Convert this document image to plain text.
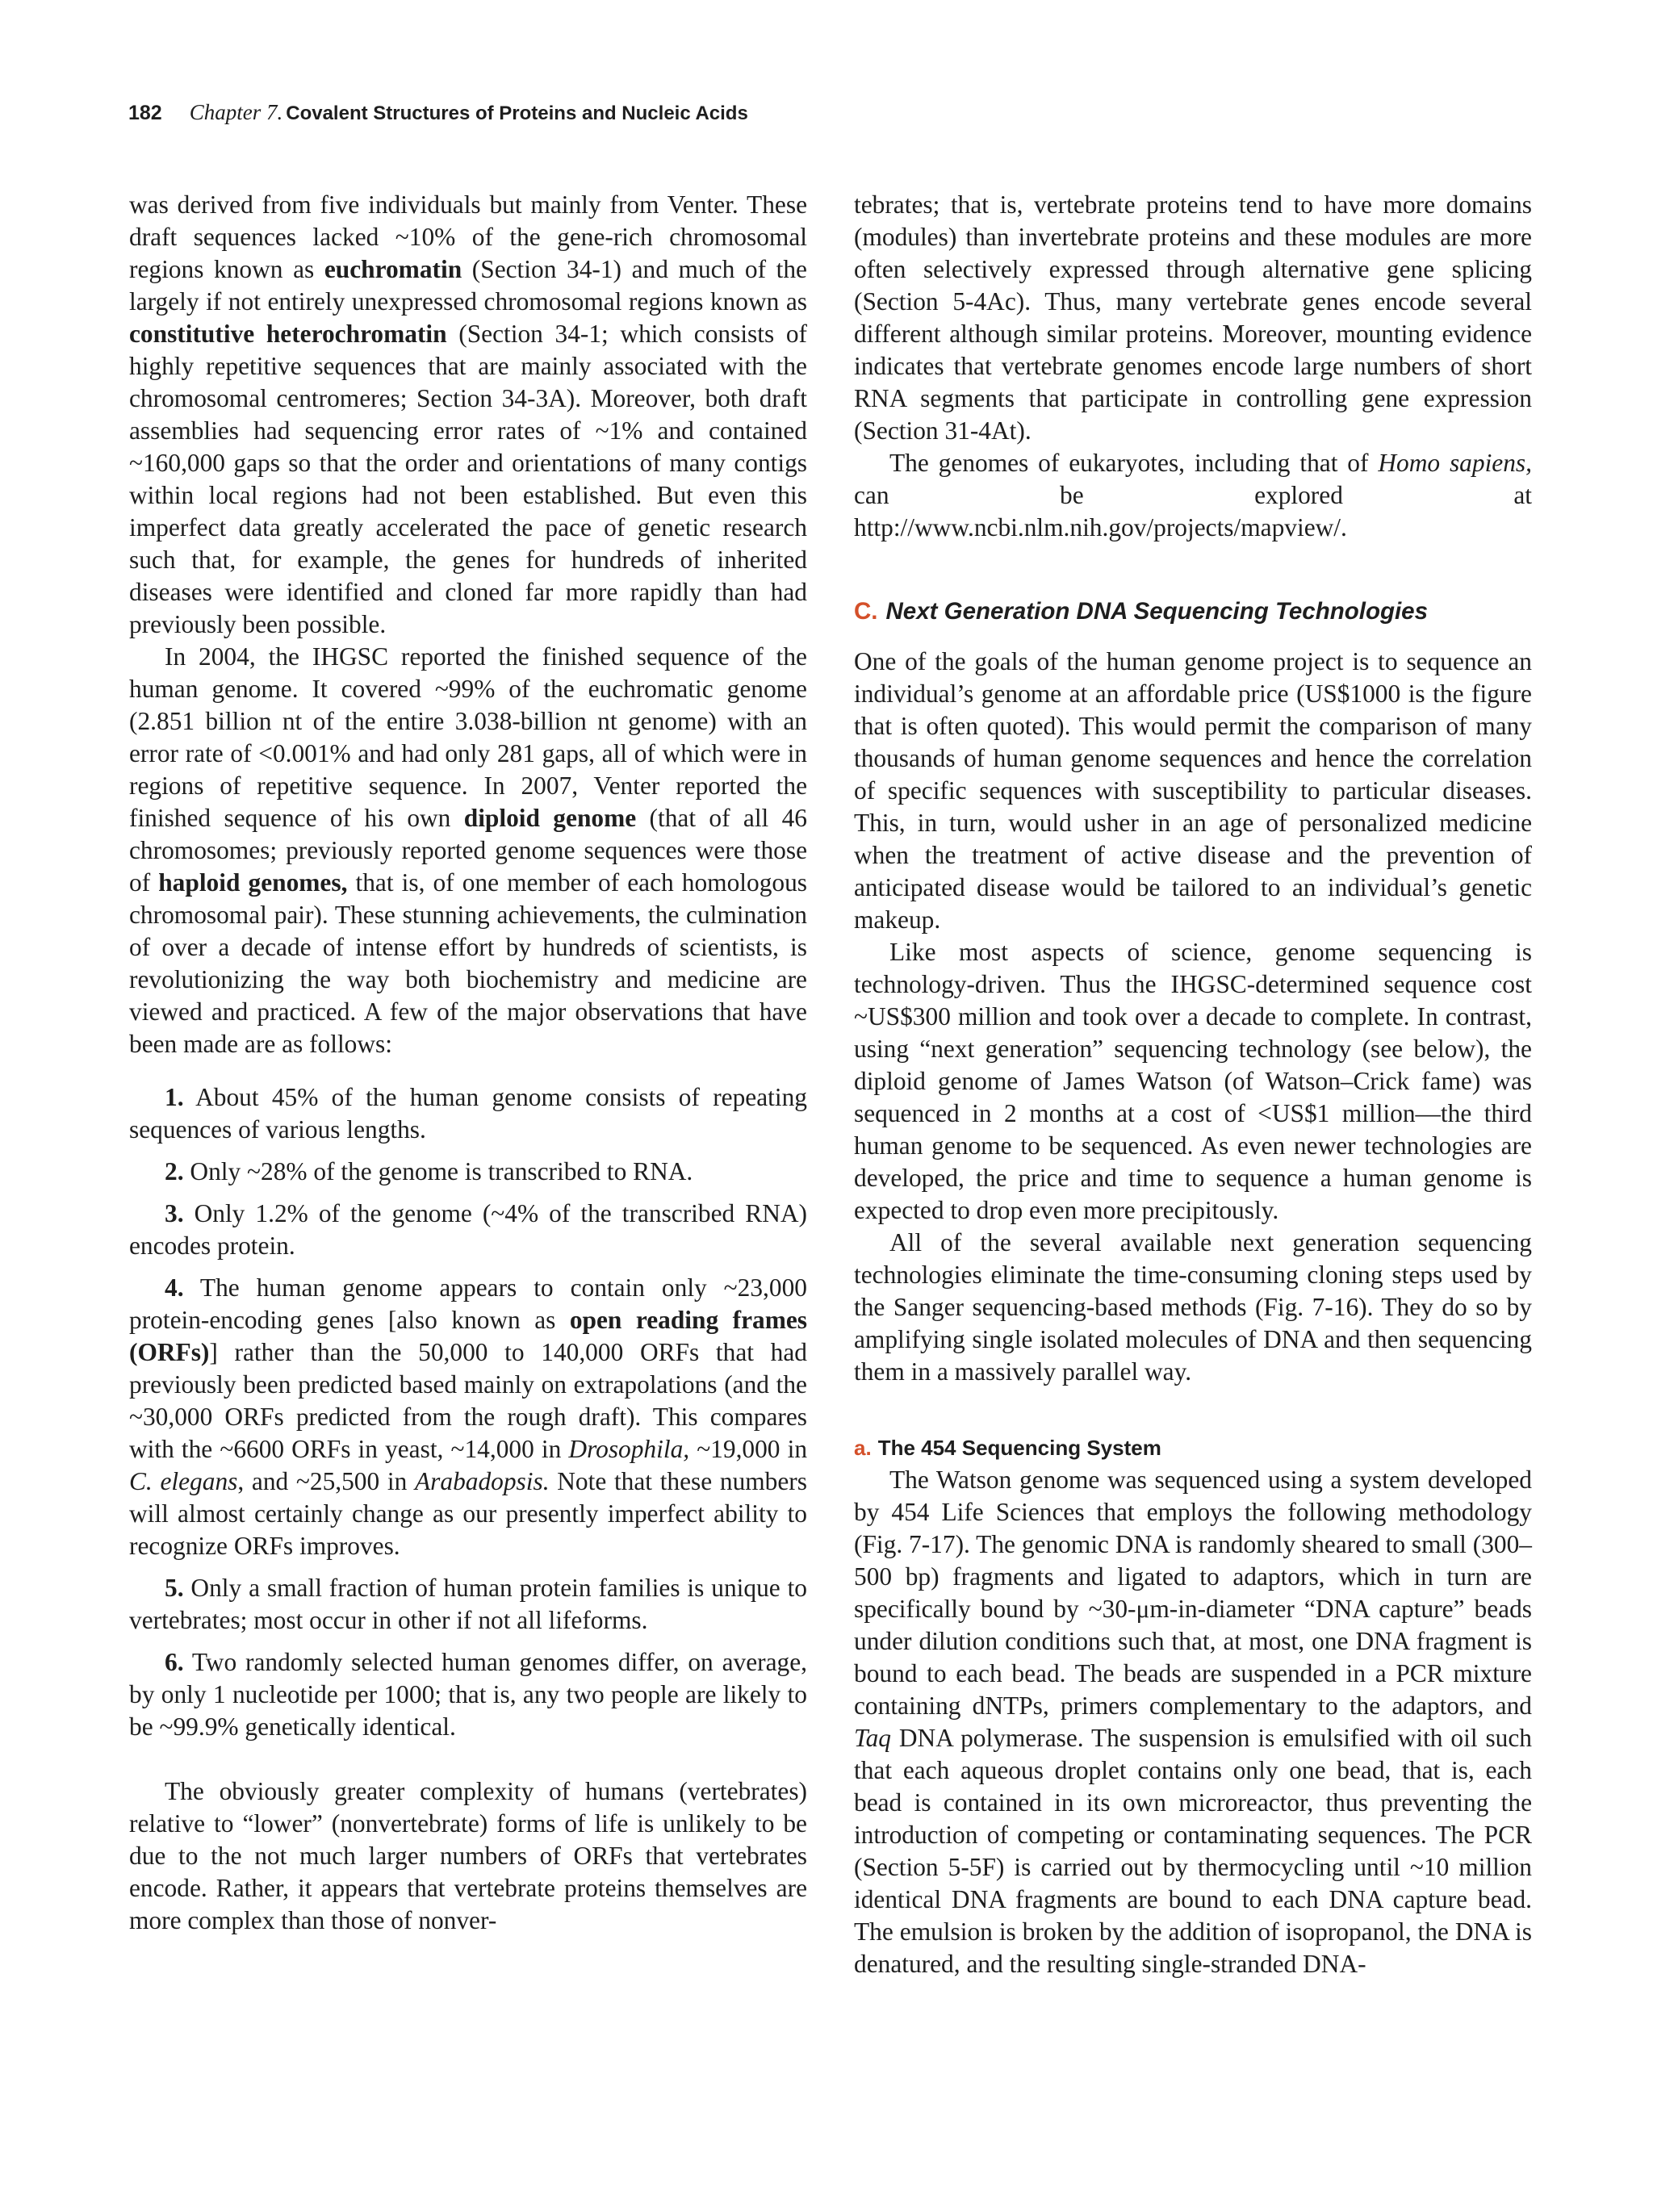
182 Chapter 7. Covalent Structures of Proteins and Nucleic Acids

was derived from five individuals but mainly from Venter. These draft sequences lacked ~10% of the gene-rich chromosomal regions known as euchromatin (Section 34-1) and much of the largely if not entirely unexpressed chromosomal regions known as constitutive heterochromatin (Section 34-1; which consists of highly repetitive sequences that are mainly associated with the chromosomal centromeres; Section 34-3A). Moreover, both draft assemblies had sequencing error rates of ~1% and contained ~160,000 gaps so that the order and orientations of many contigs within local regions had not been established. But even this imperfect data greatly accelerated the pace of genetic research such that, for example, the genes for hundreds of inherited diseases were identified and cloned far more rapidly than had previously been possible.

In 2004, the IHGSC reported the finished sequence of the human genome. It covered ~99% of the euchromatic genome (2.851 billion nt of the entire 3.038-billion nt genome) with an error rate of <0.001% and had only 281 gaps, all of which were in regions of repetitive sequence. In 2007, Venter reported the finished sequence of his own diploid genome (that of all 46 chromosomes; previously reported genome sequences were those of haploid genomes, that is, of one member of each homologous chromosomal pair). These stunning achievements, the culmination of over a decade of intense effort by hundreds of scientists, is revolutionizing the way both biochemistry and medicine are viewed and practiced. A few of the major observations that have been made are as follows:

1. About 45% of the human genome consists of repeating sequences of various lengths.

2. Only ~28% of the genome is transcribed to RNA.

3. Only 1.2% of the genome (~4% of the transcribed RNA) encodes protein.

4. The human genome appears to contain only ~23,000 protein-encoding genes [also known as open reading frames (ORFs)] rather than the 50,000 to 140,000 ORFs that had previously been predicted based mainly on extrapolations (and the ~30,000 ORFs predicted from the rough draft). This compares with the ~6600 ORFs in yeast, ~14,000 in Drosophila, ~19,000 in C. elegans, and ~25,500 in Arabadopsis. Note that these numbers will almost certainly change as our presently imperfect ability to recognize ORFs improves.

5. Only a small fraction of human protein families is unique to vertebrates; most occur in other if not all lifeforms.

6. Two randomly selected human genomes differ, on average, by only 1 nucleotide per 1000; that is, any two people are likely to be ~99.9% genetically identical.

The obviously greater complexity of humans (vertebrates) relative to “lower” (nonvertebrate) forms of life is unlikely to be due to the not much larger numbers of ORFs that vertebrates encode. Rather, it appears that vertebrate proteins themselves are more complex than those of nonver-

tebrates; that is, vertebrate proteins tend to have more domains (modules) than invertebrate proteins and these modules are more often selectively expressed through alternative gene splicing (Section 5-4Ac). Thus, many vertebrate genes encode several different although similar proteins. Moreover, mounting evidence indicates that vertebrate genomes encode large numbers of short RNA segments that participate in controlling gene expression (Section 31-4At).

The genomes of eukaryotes, including that of Homo sapiens, can be explored at http://www.ncbi.nlm.nih.gov/projects/mapview/.

C. Next Generation DNA Sequencing Technologies

One of the goals of the human genome project is to sequence an individual’s genome at an affordable price (US$1000 is the figure that is often quoted). This would permit the comparison of many thousands of human genome sequences and hence the correlation of specific sequences with susceptibility to particular diseases. This, in turn, would usher in an age of personalized medicine when the treatment of active disease and the prevention of anticipated disease would be tailored to an individual’s genetic makeup.

Like most aspects of science, genome sequencing is technology-driven. Thus the IHGSC-determined sequence cost ~US$300 million and took over a decade to complete. In contrast, using “next generation” sequencing technology (see below), the diploid genome of James Watson (of Watson–Crick fame) was sequenced in 2 months at a cost of <US$1 million—the third human genome to be sequenced. As even newer technologies are developed, the price and time to sequence a human genome is expected to drop even more precipitously.

All of the several available next generation sequencing technologies eliminate the time-consuming cloning steps used by the Sanger sequencing-based methods (Fig. 7-16). They do so by amplifying single isolated molecules of DNA and then sequencing them in a massively parallel way.

a. The 454 Sequencing System

The Watson genome was sequenced using a system developed by 454 Life Sciences that employs the following methodology (Fig. 7-17). The genomic DNA is randomly sheared to small (300–500 bp) fragments and ligated to adaptors, which in turn are specifically bound by ~30-μm-in-diameter “DNA capture” beads under dilution conditions such that, at most, one DNA fragment is bound to each bead. The beads are suspended in a PCR mixture containing dNTPs, primers complementary to the adaptors, and Taq DNA polymerase. The suspension is emulsified with oil such that each aqueous droplet contains only one bead, that is, each bead is contained in its own microreactor, thus preventing the introduction of competing or contaminating sequences. The PCR (Section 5-5F) is carried out by thermocycling until ~10 million identical DNA fragments are bound to each DNA capture bead. The emulsion is broken by the addition of isopropanol, the DNA is denatured, and the resulting single-stranded DNA-
